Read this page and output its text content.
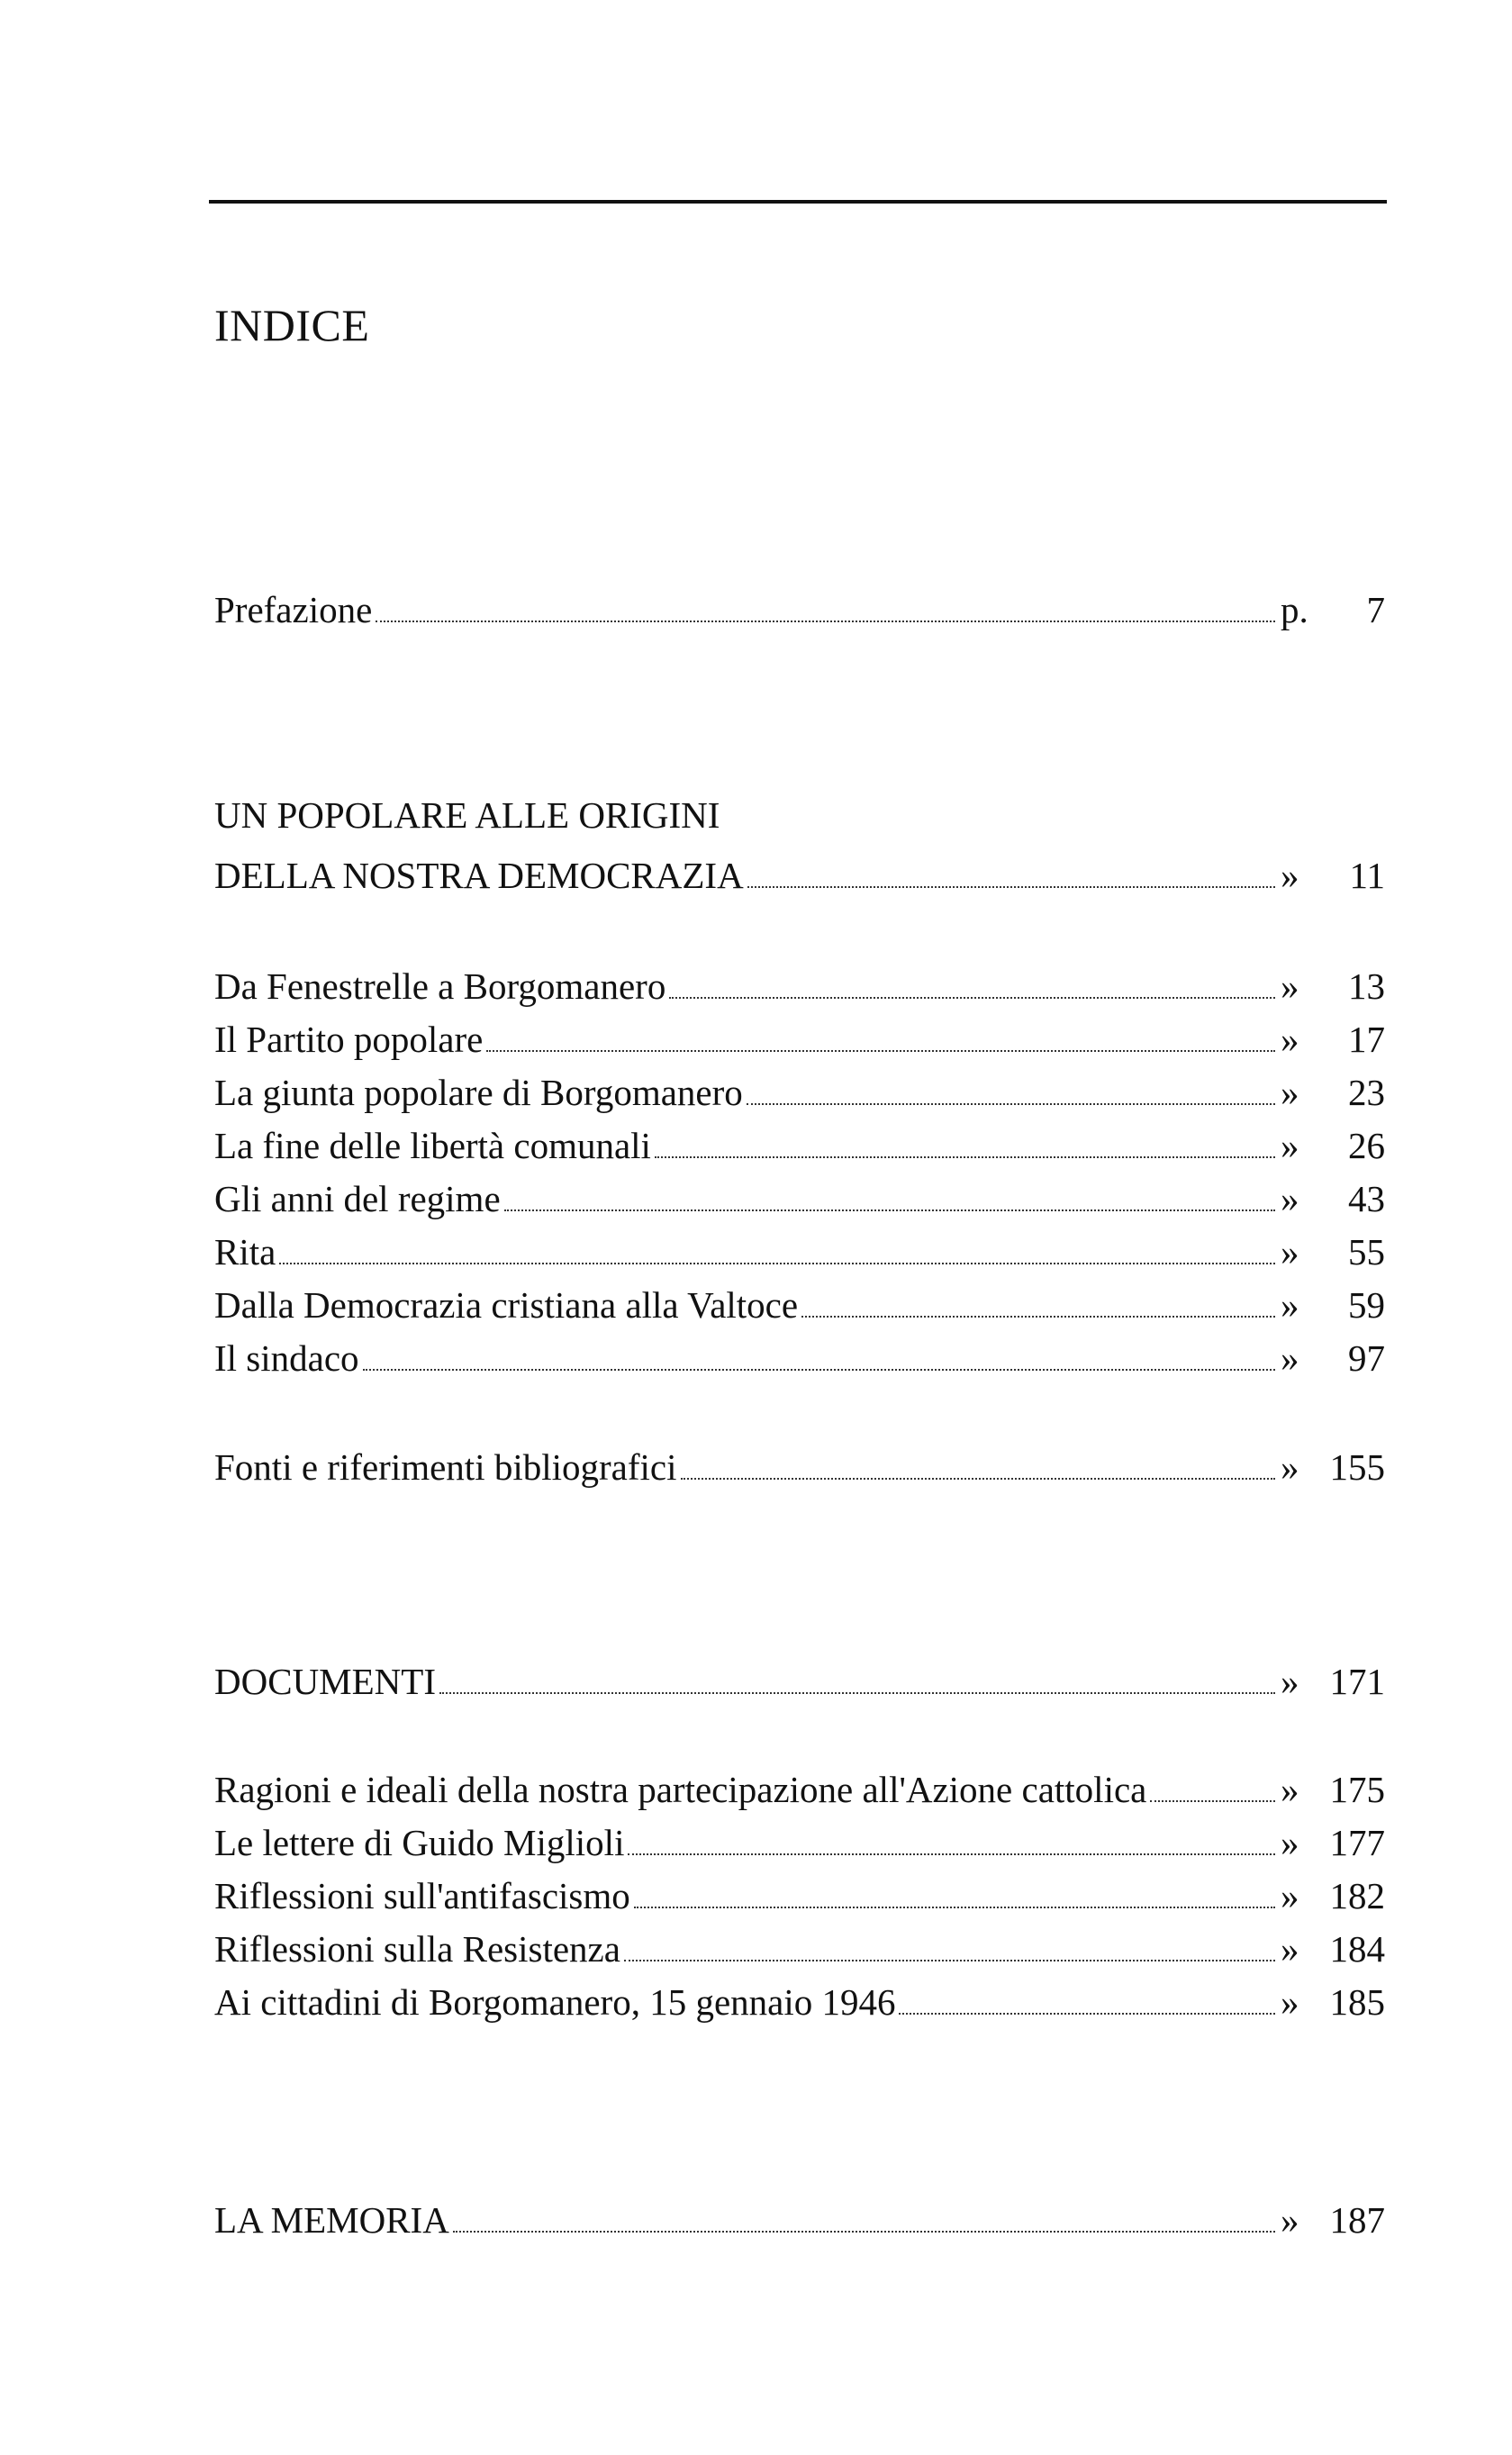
INDICE
Prefazione	p.	7
UN POPOLARE ALLE ORIGINI
DELLA NOSTRA DEMOCRAZIA	»	11
Da Fenestrelle a Borgomanero	»	13
Il Partito popolare	»	17
La giunta popolare di Borgomanero	»	23
La fine delle libertà comunali	»	26
Gli anni del regime	»	43
Rita	»	55
Dalla Democrazia cristiana alla Valtoce	»	59
Il sindaco	»	97
Fonti e riferimenti bibliografici	» 155
DOCUMENTI	» 171
Ragioni e ideali della nostra partecipazione all'Azione cattolica	» 175
Le lettere di Guido Miglioli	» 177
Riflessioni sull'antifascismo	» 182
Riflessioni sulla Resistenza	» 184
Ai cittadini di Borgomanero, 15 gennaio 1946	» 185
LA MEMORIA	» 187
